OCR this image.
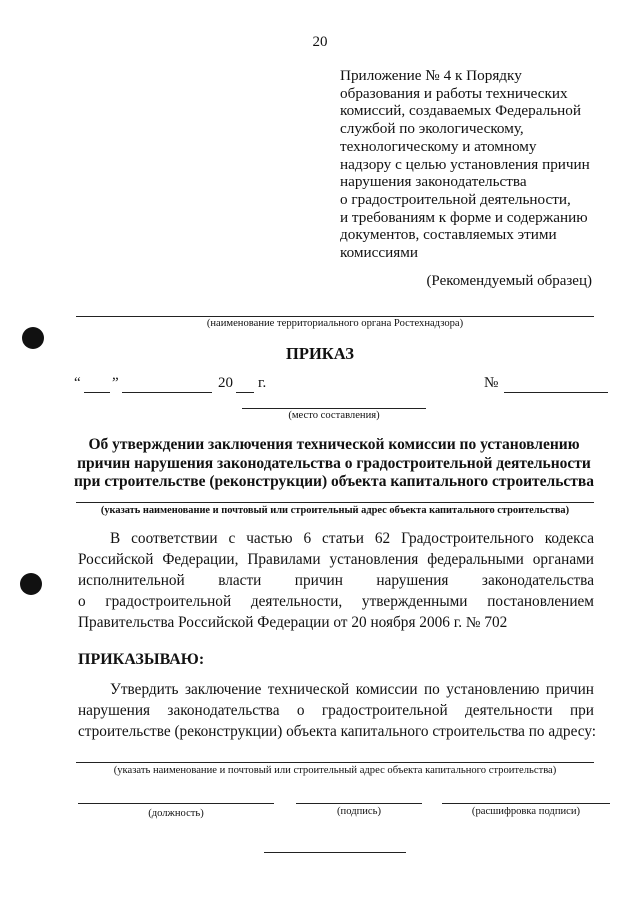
20
Приложение № 4 к Порядку
образования и работы технических
комиссий, создаваемых Федеральной
службой по экологическому,
технологическому и атомному
надзору с целью установления причин
нарушения законодательства
о градостроительной деятельности,
и требованиям к форме и содержанию
документов, составляемых этими
комиссиями
(Рекомендуемый образец)
(наименование территориального органа Ростехнадзора)
ПРИКАЗ
“ ”	20 г.	№
(место составления)
Об утверждении заключения технической комиссии по установлению
причин нарушения законодательства о градостроительной деятельности
при строительстве (реконструкции) объекта капитального строительства
(указать наименование и почтовый или строительный адрес объекта капитального строительства)
В соответствии с частью 6 статьи 62 Градостроительного кодекса
Российской Федерации, Правилами установления федеральными органами
исполнительной власти причин нарушения законодательства
о градостроительной деятельности, утвержденными постановлением
Правительства Российской Федерации от 20 ноября 2006 г. № 702
ПРИКАЗЫВАЮ:
Утвердить заключение технической комиссии по установлению причин
нарушения законодательства о градостроительной деятельности при
строительстве (реконструкции) объекта капитального строительства по адресу:
(указать наименование и почтовый или строительный адрес объекта капитального строительства)
(должность)	(подпись)	(расшифровка подписи)
